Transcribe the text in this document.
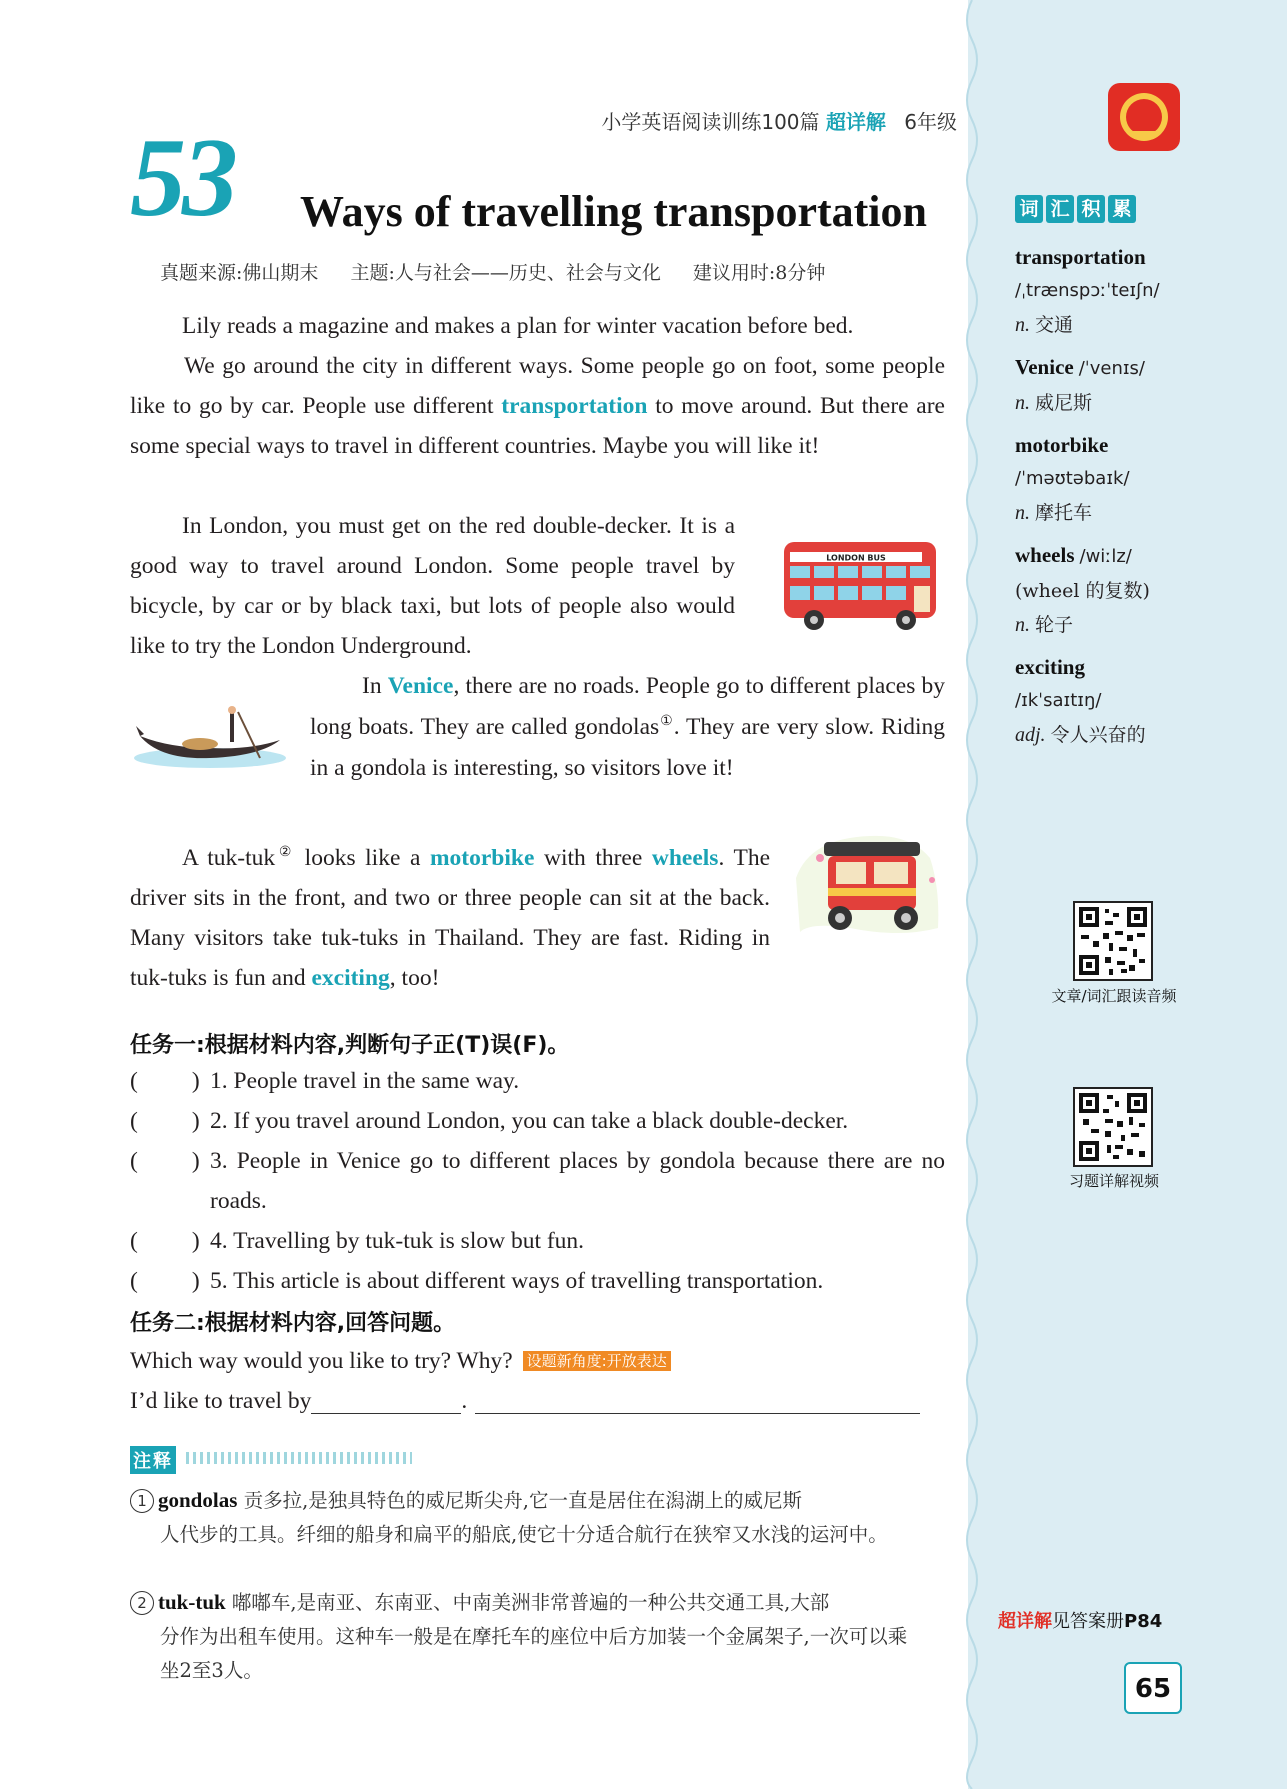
小学英语阅读训练100篇 超详解 6年级
53 Ways of travelling transportation
真题来源:佛山期末 主题:人与社会——历史、社会与文化 建议用时:8分钟
Lily reads a magazine and makes a plan for winter vacation before bed.
We go around the city in different ways. Some people go on foot, some people like to go by car. People use different transportation to move around. But there are some special ways to travel in different countries. Maybe you will like it!
In London, you must get on the red double-decker. It is a good way to travel around London. Some people travel by bicycle, by car or by black taxi, but lots of people also would like to try the London Underground.
In Venice, there are no roads. People go to different places by long boats. They are called gondolas①. They are very slow. Riding in a gondola is interesting, so visitors love it!
A tuk-tuk② looks like a motorbike with three wheels. The driver sits in the front, and two or three people can sit at the back. Many visitors take tuk-tuks in Thailand. They are fast. Riding in tuk-tuks is fun and exciting, too!
LONDON BUS
任务一:根据材料内容,判断句子正(T)误(F)。
( ) 1. People travel in the same way.
( ) 2. If you travel around London, you can take a black double-decker.
( ) 3. People in Venice go to different places by gondola because there are no roads.
( ) 4. Travelling by tuk-tuk is slow but fun.
( ) 5. This article is about different ways of travelling transportation.
任务二:根据材料内容,回答问题。
Which way would you like to try? Why? 设题新角度:开放表达
I’d like to travel by	.
注释
1 gondolas 贡多拉,是独具特色的威尼斯尖舟,它一直是居住在潟湖上的威尼斯
人代步的工具。纤细的船身和扁平的船底,使它十分适合航行在狭窄又水浅的运河中。
2 tuk-tuk 嘟嘟车,是南亚、东南亚、中南美洲非常普遍的一种公共交通工具,大部
分作为出租车使用。这种车一般是在摩托车的座位中后方加装一个金属架子,一次可以乘坐2至3人。
词 汇 积 累
transportation
/ˌtrænspɔːˈteɪʃn/
n. 交通
Venice /ˈvenɪs/
n. 威尼斯
motorbike
/ˈməʊtəbaɪk/
n. 摩托车
wheels /wiːlz/
(wheel 的复数)
n. 轮子
exciting
/ɪkˈsaɪtɪŋ/
adj. 令人兴奋的
文章/词汇跟读音频
习题详解视频
超详解见答案册P84
65
